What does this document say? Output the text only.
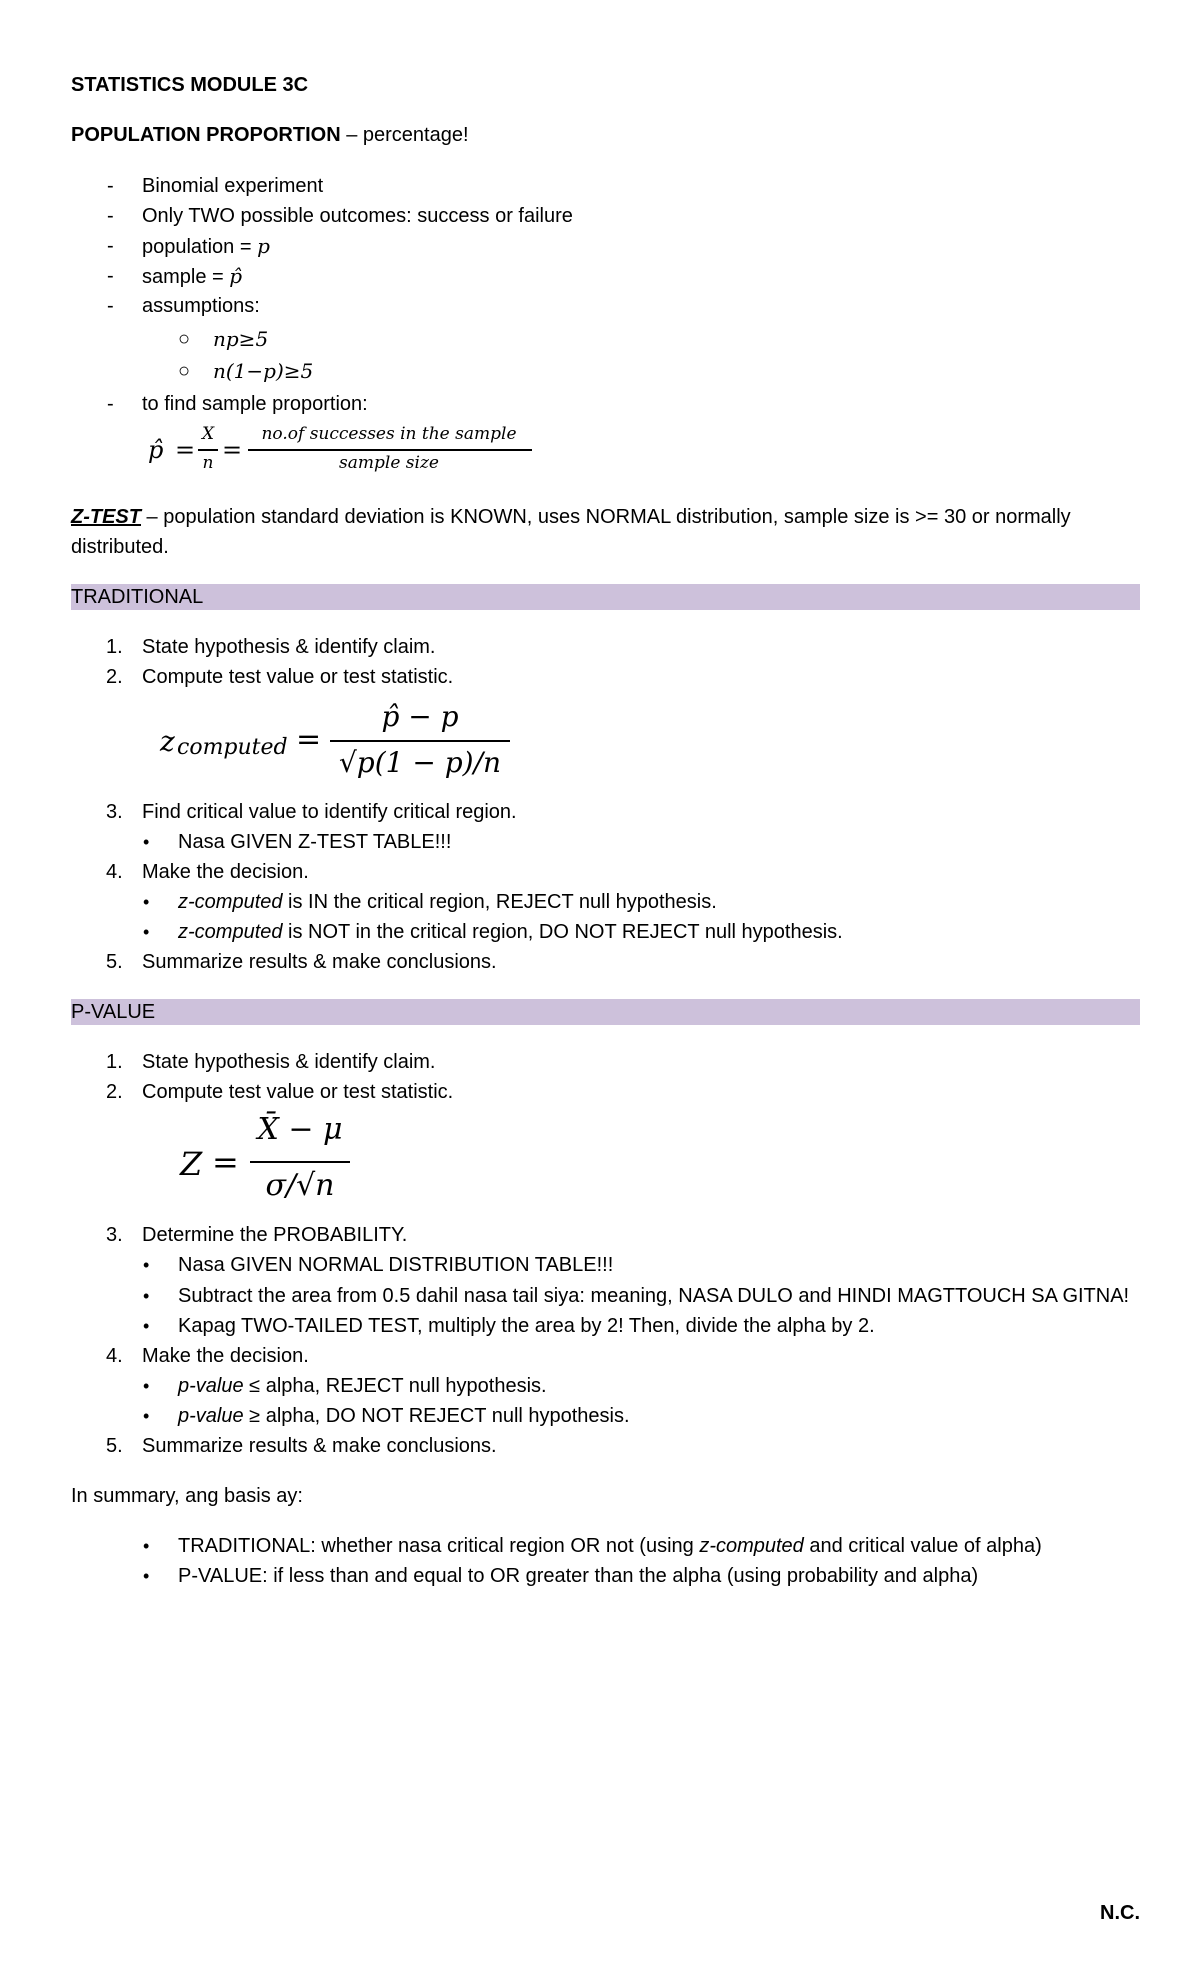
STATISTICS MODULE 3C
POPULATION PROPORTION – percentage!
- Binomial experiment
- Only TWO possible outcomes: success or failure
- population = p
- sample = p̂
- assumptions:
○ np≥5
○ n(1−p)≥5
- to find sample proportion:
p̂ =
X
n =
no.of successes in the sample
sample size
Z-TEST – population standard deviation is KNOWN, uses NORMAL distribution, sample size is >= 30 or normally
distributed.
TRADITIONAL
1. State hypothesis & identify claim.
2. Compute test value or test statistic.
z computed =
p̂ − p
√p(1 − p)/n
3. Find critical value to identify critical region.
• Nasa GIVEN Z-TEST TABLE!!!
4. Make the decision.
• z-computed is IN the critical region, REJECT null hypothesis.
• z-computed is NOT in the critical region, DO NOT REJECT null hypothesis.
5. Summarize results & make conclusions.
P-VALUE
1. State hypothesis & identify claim.
2. Compute test value or test statistic.
Z =
X̄ − μ
σ/√n
3. Determine the PROBABILITY.
• Nasa GIVEN NORMAL DISTRIBUTION TABLE!!!
• Subtract the area from 0.5 dahil nasa tail siya: meaning, NASA DULO and HINDI MAGTTOUCH SA GITNA!
• Kapag TWO-TAILED TEST, multiply the area by 2! Then, divide the alpha by 2.
4. Make the decision.
• p-value ≤ alpha, REJECT null hypothesis.
• p-value ≥ alpha, DO NOT REJECT null hypothesis.
5. Summarize results & make conclusions.
In summary, ang basis ay:
• TRADITIONAL: whether nasa critical region OR not (using z-computed and critical value of alpha)
• P-VALUE: if less than and equal to OR greater than the alpha (using probability and alpha)
N.C.
